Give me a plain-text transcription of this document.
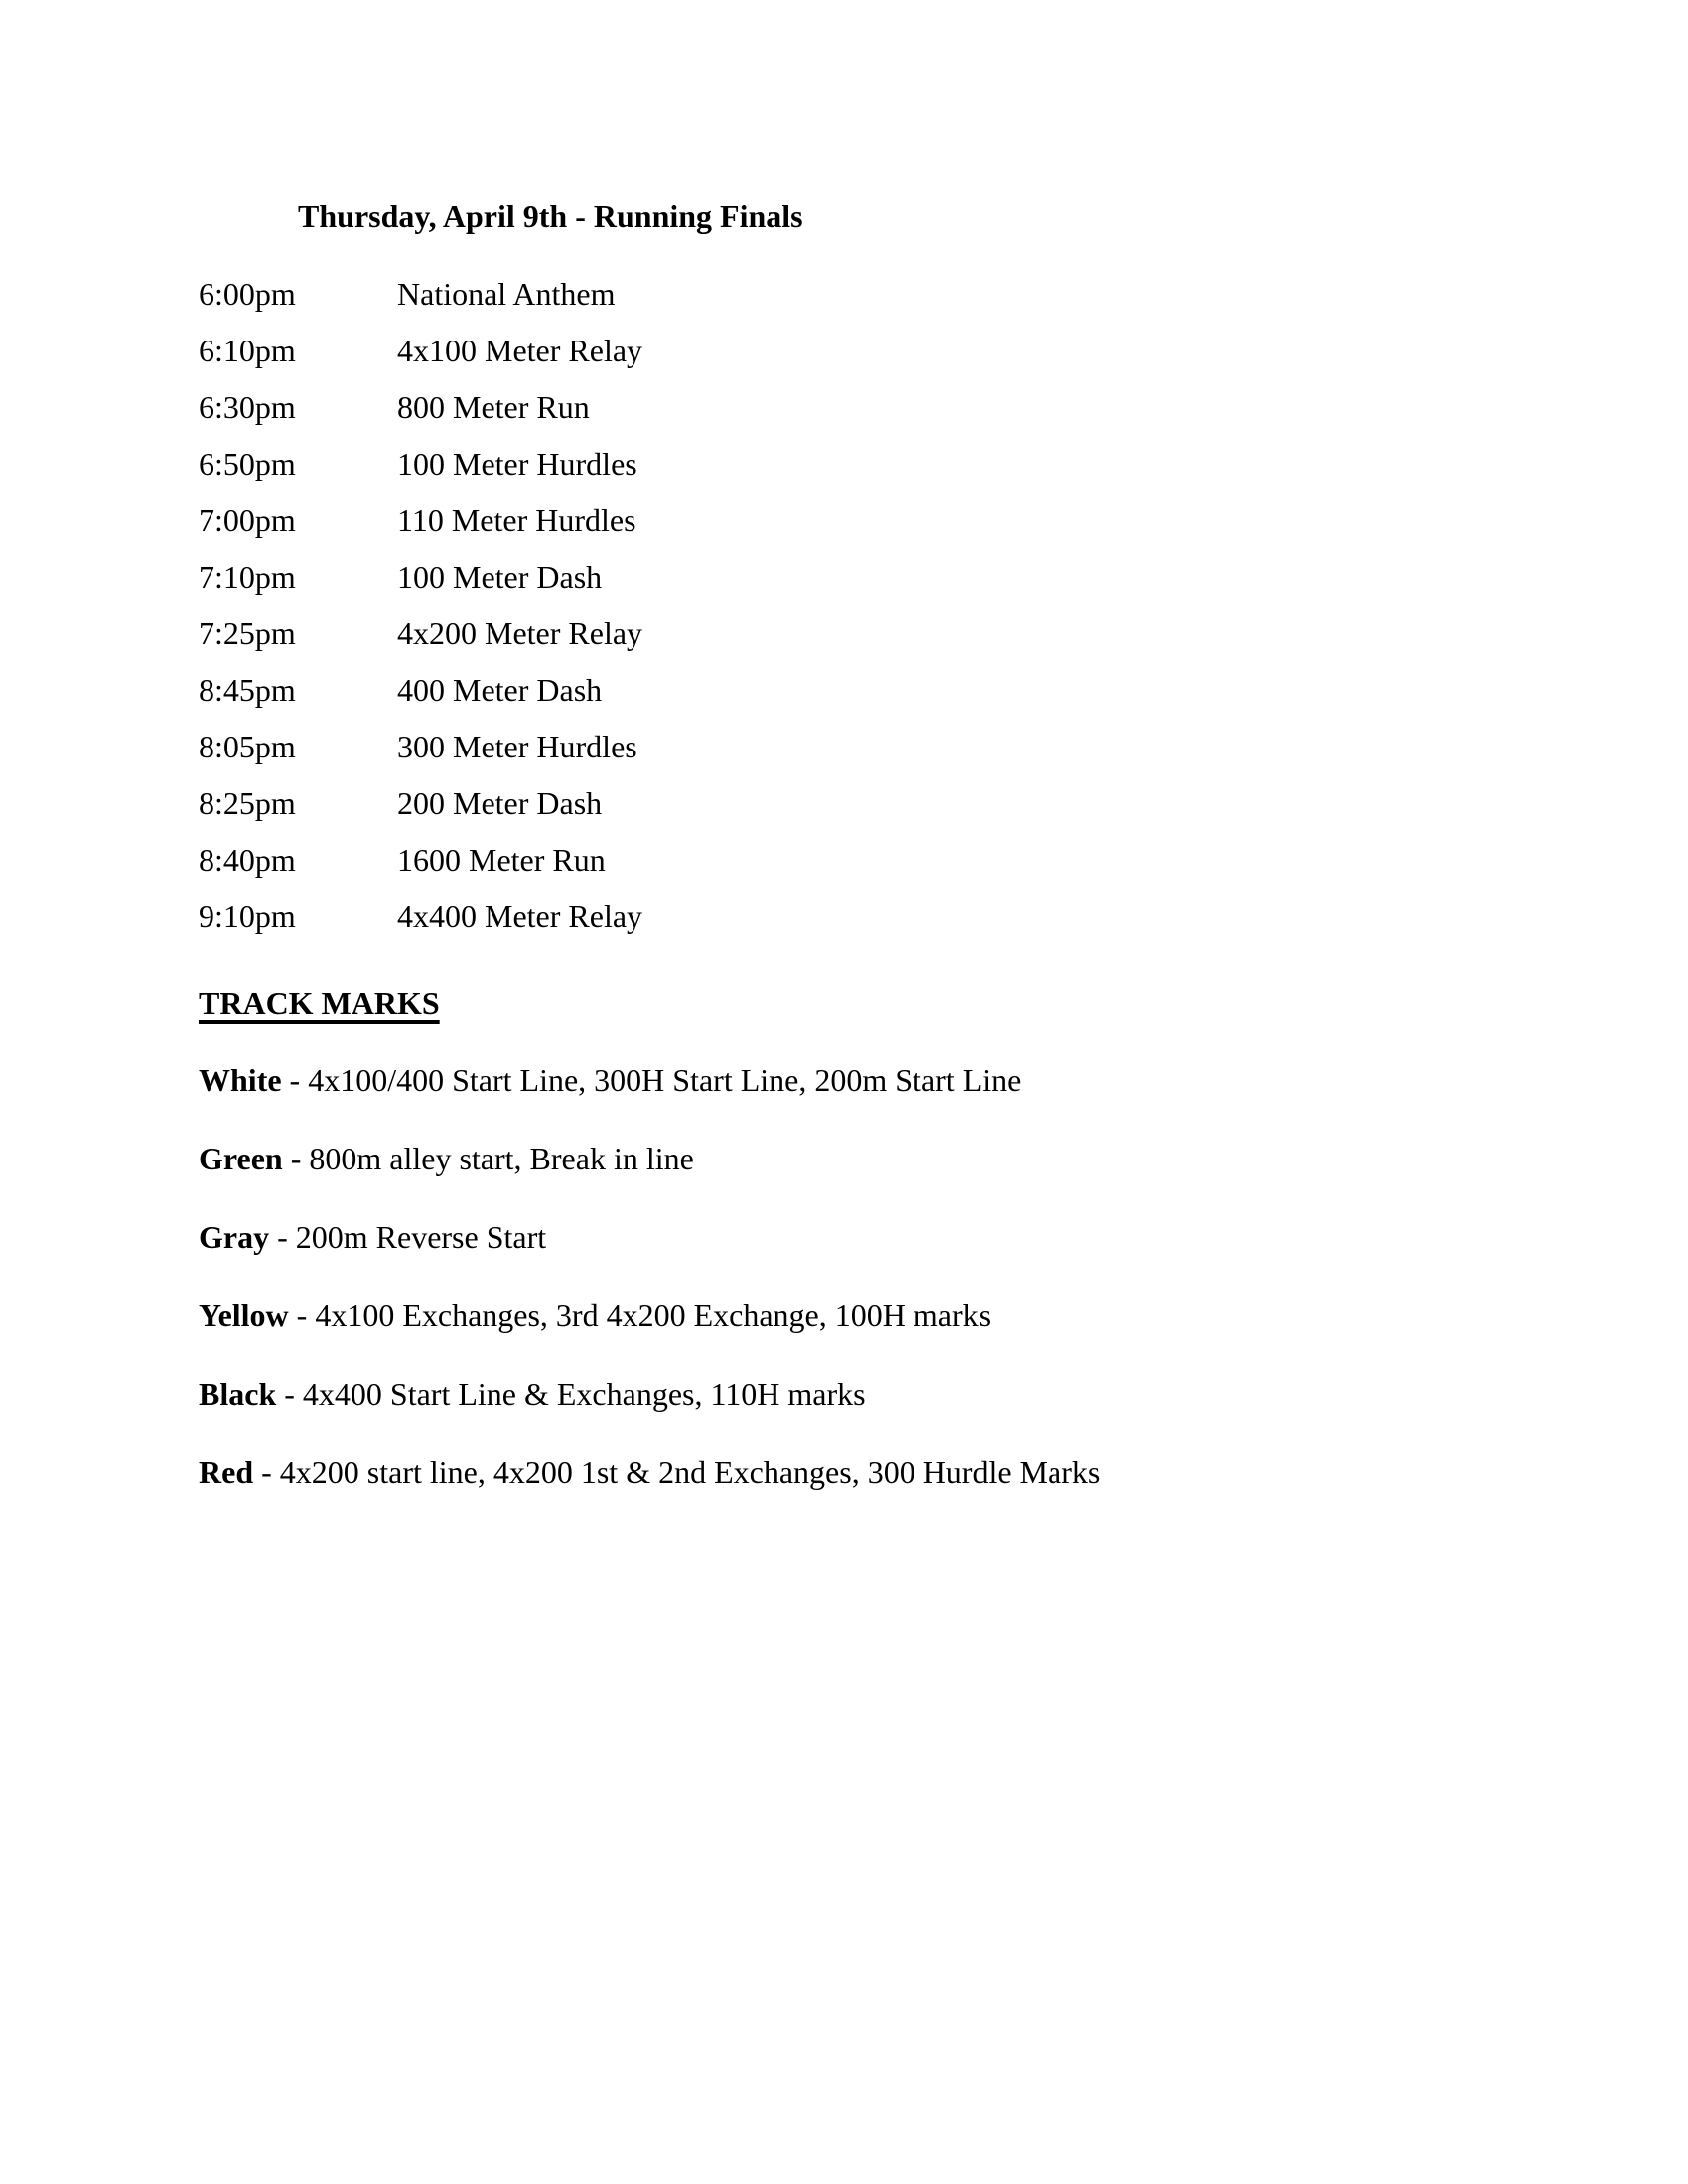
Thursday, April 9th - Running Finals
6:00pm	National Anthem
6:10pm	4x100 Meter Relay
6:30pm	800 Meter Run
6:50pm	100 Meter Hurdles
7:00pm	110 Meter Hurdles
7:10pm	100 Meter Dash
7:25pm	4x200 Meter Relay
8:45pm	400 Meter Dash
8:05pm	300 Meter Hurdles
8:25pm	200 Meter Dash
8:40pm	1600 Meter Run
9:10pm	4x400 Meter Relay
TRACK MARKS

White - 4x100/400 Start Line, 300H Start Line, 200m Start Line

Green - 800m alley start, Break in line

Gray - 200m Reverse Start

Yellow - 4x100 Exchanges, 3rd 4x200 Exchange, 100H marks

Black - 4x400 Start Line & Exchanges, 110H marks

Red - 4x200 start line, 4x200 1st & 2nd Exchanges, 300 Hurdle Marks
